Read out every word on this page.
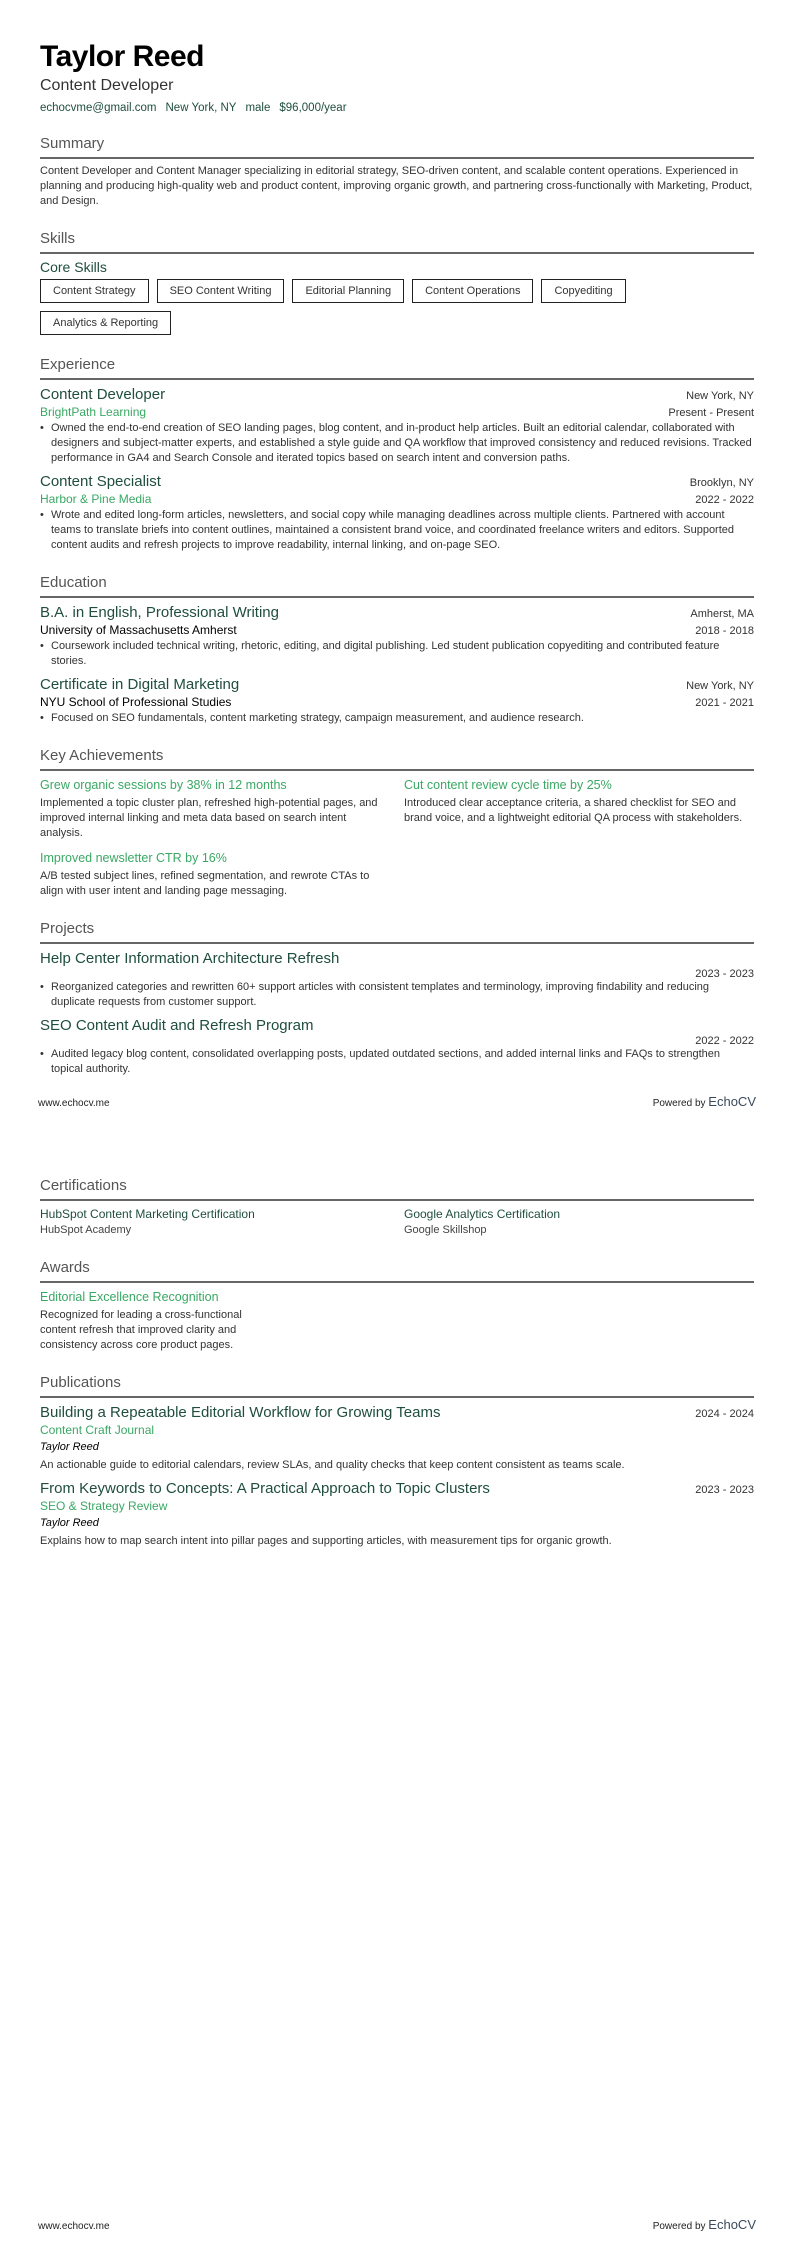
Taylor Reed
Content Developer
echocvme@gmail.com New York, NY male $96,000/year
Summary
Content Developer and Content Manager specializing in editorial strategy, SEO-driven content, and scalable content operations. Experienced in planning and producing high-quality web and product content, improving organic growth, and partnering cross-functionally with Marketing, Product, and Design.
Skills
Core Skills
Content Strategy	SEO Content Writing	Editorial Planning	Content Operations	Copyediting
Analytics & Reporting
Experience
Content Developer	New York, NY
BrightPath Learning	Present - Present
• Owned the end-to-end creation of SEO landing pages, blog content, and in-product help articles. Built an editorial calendar, collaborated with designers and subject-matter experts, and established a style guide and QA workflow that improved consistency and reduced revisions. Tracked performance in GA4 and Search Console and iterated topics based on search intent and conversion paths.
Content Specialist	Brooklyn, NY
Harbor & Pine Media	2022 - 2022
• Wrote and edited long-form articles, newsletters, and social copy while managing deadlines across multiple clients. Partnered with account teams to translate briefs into content outlines, maintained a consistent brand voice, and coordinated freelance writers and editors. Supported content audits and refresh projects to improve readability, internal linking, and on-page SEO.
Education
B.A. in English, Professional Writing	Amherst, MA
University of Massachusetts Amherst	2018 - 2018
• Coursework included technical writing, rhetoric, editing, and digital publishing. Led student publication copyediting and contributed feature stories.
Certificate in Digital Marketing	New York, NY
NYU School of Professional Studies	2021 - 2021
• Focused on SEO fundamentals, content marketing strategy, campaign measurement, and audience research.
Key Achievements
Grew organic sessions by 38% in 12 months
Implemented a topic cluster plan, refreshed high-potential pages, and improved internal linking and meta data based on search intent analysis.
Cut content review cycle time by 25%
Introduced clear acceptance criteria, a shared checklist for SEO and brand voice, and a lightweight editorial QA process with stakeholders.
Improved newsletter CTR by 16%
A/B tested subject lines, refined segmentation, and rewrote CTAs to align with user intent and landing page messaging.
Projects
Help Center Information Architecture Refresh
2023 - 2023
• Reorganized categories and rewritten 60+ support articles with consistent templates and terminology, improving findability and reducing duplicate requests from customer support.
SEO Content Audit and Refresh Program
2022 - 2022
• Audited legacy blog content, consolidated overlapping posts, updated outdated sections, and added internal links and FAQs to strengthen topical authority.
www.echocv.me	Powered by EchoCV
Certifications
HubSpot Content Marketing Certification
HubSpot Academy
Google Analytics Certification
Google Skillshop
Awards
Editorial Excellence Recognition
Recognized for leading a cross-functional content refresh that improved clarity and consistency across core product pages.
Publications
Building a Repeatable Editorial Workflow for Growing Teams	2024 - 2024
Content Craft Journal
Taylor Reed
An actionable guide to editorial calendars, review SLAs, and quality checks that keep content consistent as teams scale.
From Keywords to Concepts: A Practical Approach to Topic Clusters	2023 - 2023
SEO & Strategy Review
Taylor Reed
Explains how to map search intent into pillar pages and supporting articles, with measurement tips for organic growth.
www.echocv.me	Powered by EchoCV
